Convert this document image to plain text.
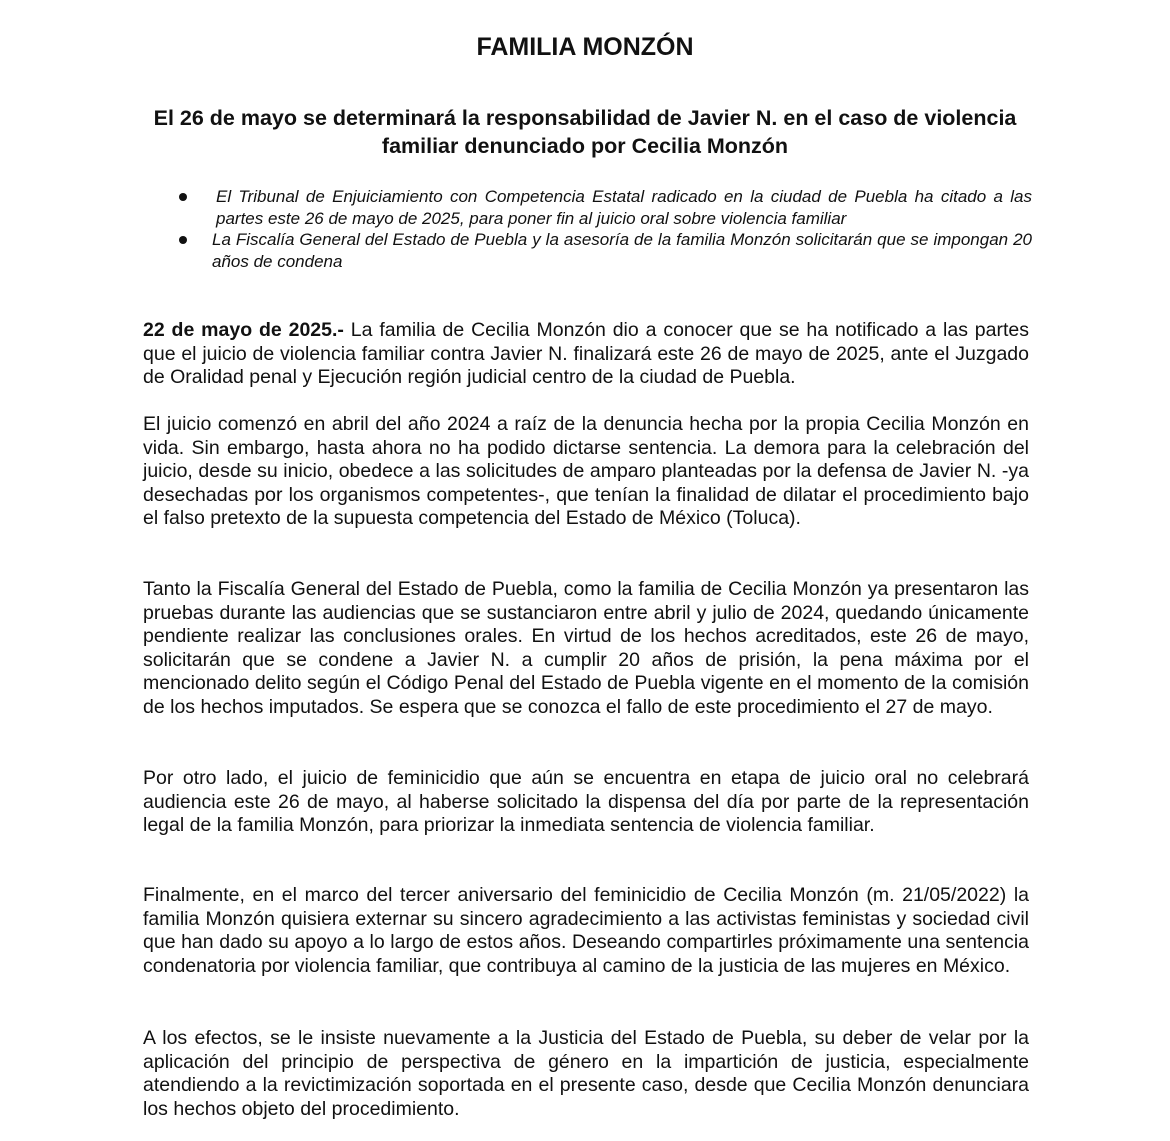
FAMILIA MONZÓN
El 26 de mayo se determinará la responsabilidad de Javier N. en el caso de violencia familiar denunciado por Cecilia Monzón
El Tribunal de Enjuiciamiento con Competencia Estatal radicado en la ciudad de Puebla ha citado a las partes este 26 de mayo de 2025, para poner fin al juicio oral sobre violencia familiar
La Fiscalía General del Estado de Puebla y la asesoría de la familia Monzón solicitarán que se impongan 20 años de condena

22 de mayo de 2025.- La familia de Cecilia Monzón dio a conocer que se ha notificado a las partes que el juicio de violencia familiar contra Javier N. finalizará este 26 de mayo de 2025, ante el Juzgado de Oralidad penal y Ejecución región judicial centro de la ciudad de Puebla.

El juicio comenzó en abril del año 2024 a raíz de la denuncia hecha por la propia Cecilia Monzón en vida. Sin embargo, hasta ahora no ha podido dictarse sentencia. La demora para la celebración del juicio, desde su inicio, obedece a las solicitudes de amparo planteadas por la defensa de Javier N. -ya desechadas por los organismos competentes-, que tenían la finalidad de dilatar el procedimiento bajo el falso pretexto de la supuesta competencia del Estado de México (Toluca).

Tanto la Fiscalía General del Estado de Puebla, como la familia de Cecilia Monzón ya presentaron las pruebas durante las audiencias que se sustanciaron entre abril y julio de 2024, quedando únicamente pendiente realizar las conclusiones orales. En virtud de los hechos acreditados, este 26 de mayo, solicitarán que se condene a Javier N. a cumplir 20 años de prisión, la pena máxima por el mencionado delito según el Código Penal del Estado de Puebla vigente en el momento de la comisión de los hechos imputados. Se espera que se conozca el fallo de este procedimiento el 27 de mayo.

Por otro lado, el juicio de feminicidio que aún se encuentra en etapa de juicio oral no celebrará audiencia este 26 de mayo, al haberse solicitado la dispensa del día por parte de la representación legal de la familia Monzón, para priorizar la inmediata sentencia de violencia familiar.

Finalmente, en el marco del tercer aniversario del feminicidio de Cecilia Monzón (m. 21/05/2022) la familia Monzón quisiera externar su sincero agradecimiento a las activistas feministas y sociedad civil que han dado su apoyo a lo largo de estos años. Deseando compartirles próximamente una sentencia condenatoria por violencia familiar, que contribuya al camino de la justicia de las mujeres en México.

A los efectos, se le insiste nuevamente a la Justicia del Estado de Puebla, su deber de velar por la aplicación del principio de perspectiva de género en la impartición de justicia, especialmente atendiendo a la revictimización soportada en el presente caso, desde que Cecilia Monzón denunciara los hechos objeto del procedimiento.
